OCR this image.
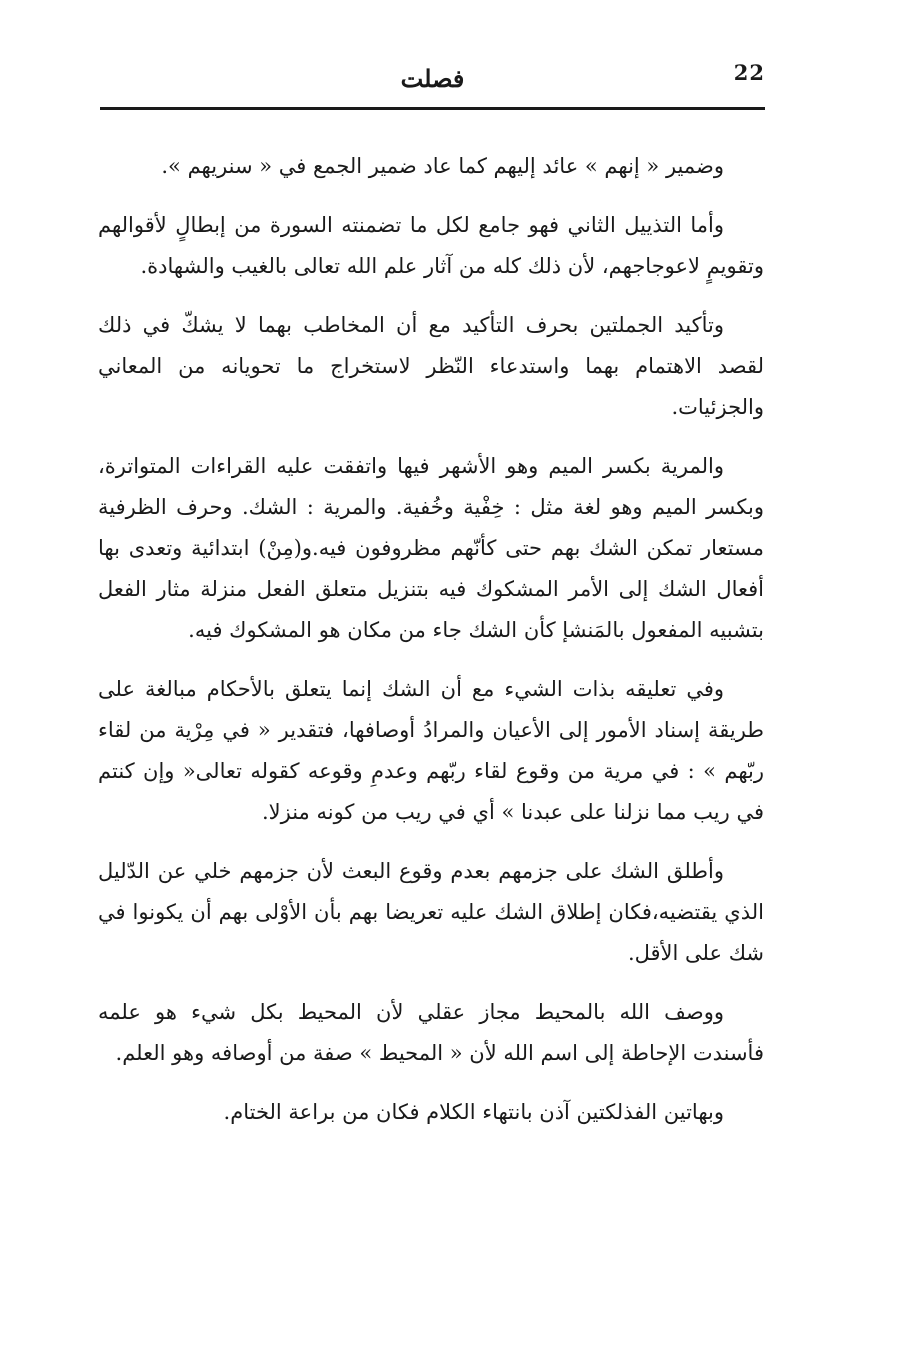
22
فصلت

وضمير « إنهم » عائد إليهم كما عاد ضمير الجمع في « سنريهم ».

وأما التذييل الثاني فهو جامع لكل ما تضمنته السورة من إبطالٍ لأقوالهم وتقويمٍ لاعوجاجهم، لأن ذلك كله من آثار علم الله تعالى بالغيب والشهادة.

وتأكيد الجملتين بحرف التأكيد مع أن المخاطب بهما لا يشكّ في ذلك لقصد الاهتمام بهما واستدعاء النّظر لاستخراج ما تحويانه من المعاني والجزئيات.

والمرية بكسر الميم وهو الأشهر فيها واتفقت عليه القراءات المتواترة، وبكسر الميم وهو لغة مثل : خِفْية وخُفية. والمرية : الشك. وحرف الظرفية مستعار تمكن الشك بهم حتى كأنّهم مظروفون فيه.و(مِنْ) ابتدائية وتعدى بها أفعال الشك إلى الأمر المشكوك فيه بتنزيل متعلق الفعل منزلة مثار الفعل بتشبيه المفعول بالمَنشإ كأن الشك جاء من مكان هو المشكوك فيه.

وفي تعليقه بذات الشيء مع أن الشك إنما يتعلق بالأحكام مبالغة على طريقة إسناد الأمور إلى الأعيان والمرادُ أوصافها، فتقدير « في مِرْية من لقاء ربّهم » : في مرية من وقوع لقاء ربّهم وعدمِ وقوعه كقوله تعالى« وإن كنتم في ريب مما نزلنا على عبدنا » أي في ريب من كونه منزلا.

وأطلق الشك على جزمهم بعدم وقوع البعث لأن جزمهم خلي عن الدّليل الذي يقتضيه،فكان إطلاق الشك عليه تعريضا بهم بأن الأوْلى بهم أن يكونوا في شك على الأقل.

ووصف الله بالمحيط مجاز عقلي لأن المحيط بكل شيء هو علمه فأسندت الإحاطة إلى اسم الله لأن « المحيط » صفة من أوصافه وهو العلم.

وبهاتين الفذلكتين آذن بانتهاء الكلام فكان من براعة الختام.
